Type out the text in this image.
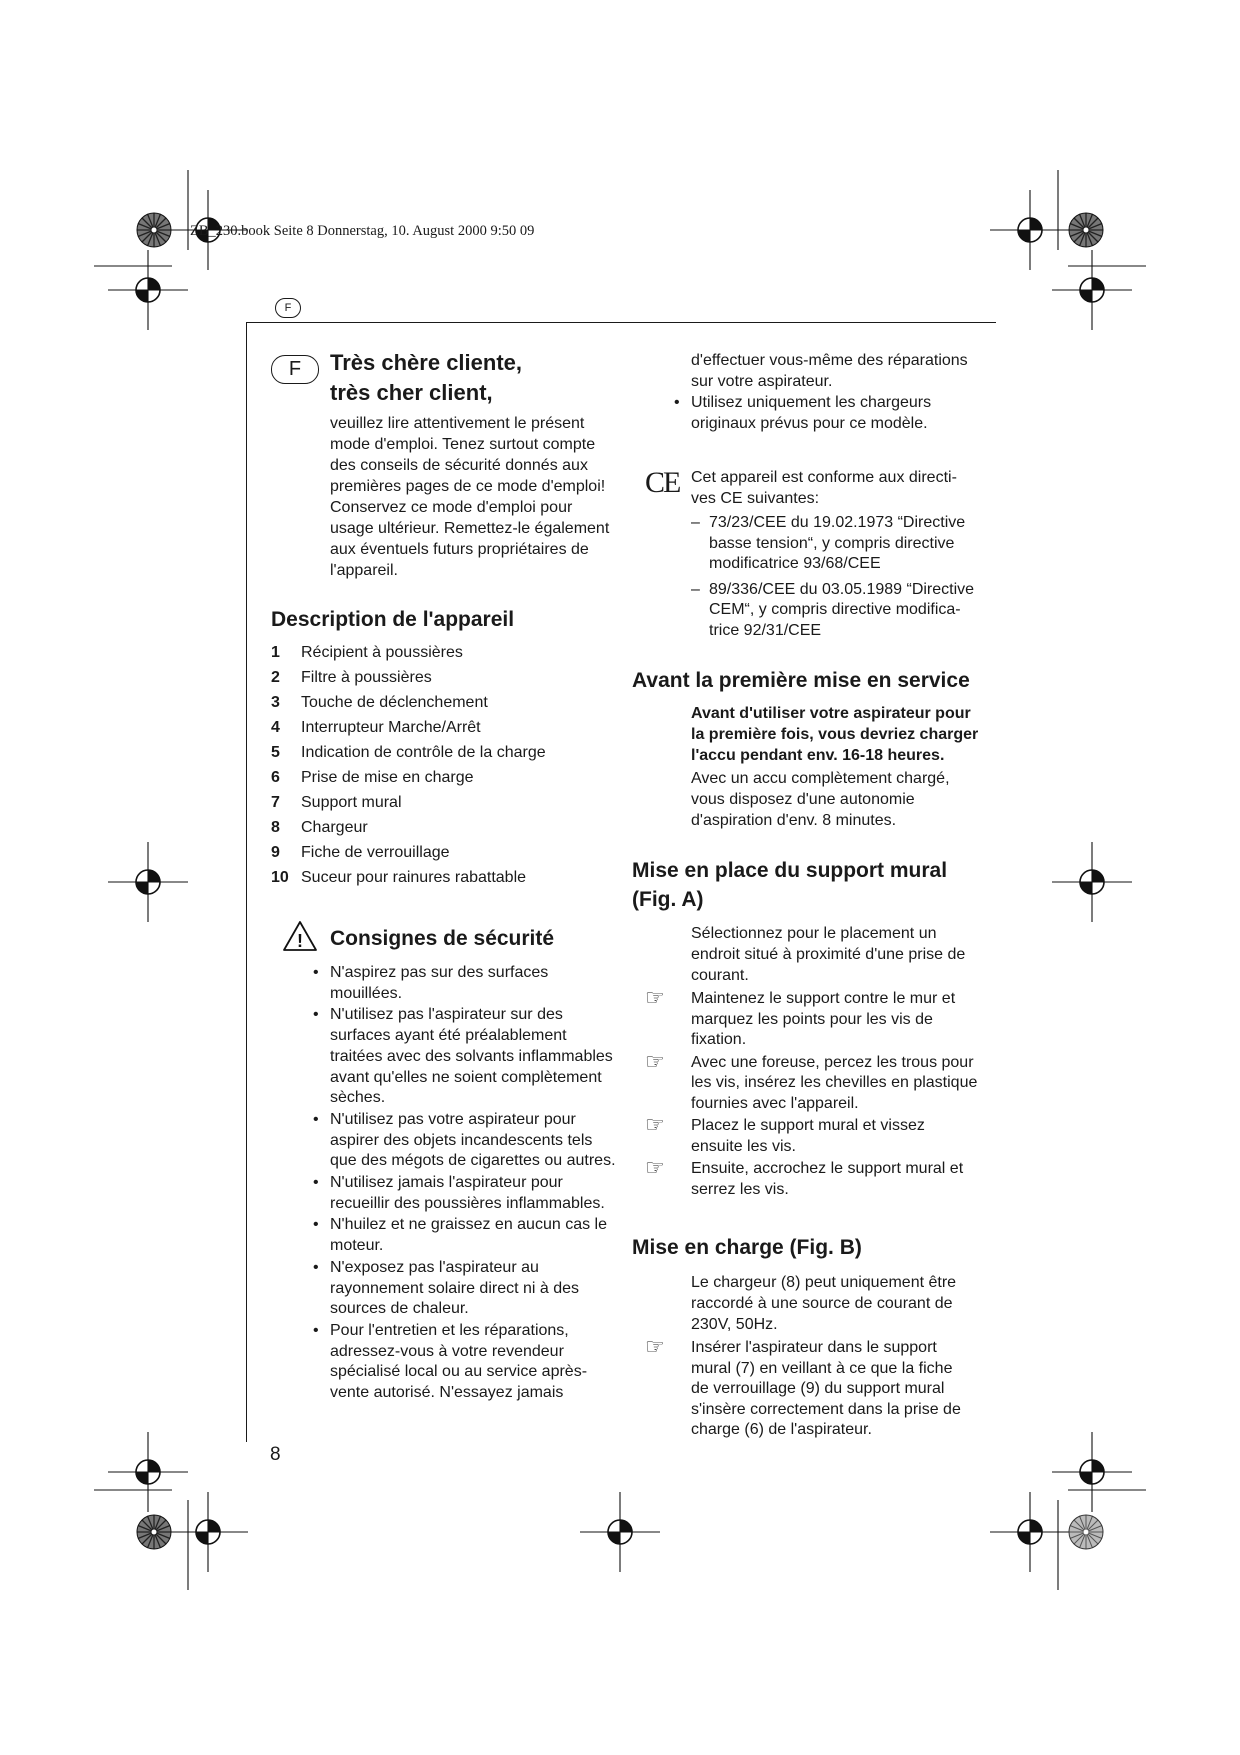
ZB_230.book Seite 8 Donnerstag, 10. August 2000 9:50 09
F
F	Très chère cliente,
très cher client,

veuillez lire attentivement le présent

mode d'emploi. Tenez surtout compte

des conseils de sécurité donnés aux

premières pages de ce mode d'emploi!

Conservez ce mode d'emploi pour

usage ultérieur. Remettez-le également

aux éventuels futurs propriétaires de

l'appareil.

Description de l'appareil
1	Récipient à poussières
2	Filtre à poussières
3	Touche de déclenchement
4	Interrupteur Marche/Arrêt
5	Indication de contrôle de la charge
6	Prise de mise en charge
7	Support mural
8	Chargeur
9	Fiche de verrouillage
10 Suceur pour rainures rabattable
! Consignes de sécurité
• N'aspirez pas sur des surfaces
mouillées.
• N'utilisez pas l'aspirateur sur des
surfaces ayant été préalablement
traitées avec des solvants inflammables
avant qu'elles ne soient complètement
sèches.
• N'utilisez pas votre aspirateur pour
aspirer des objets incandescents tels
que des mégots de cigarettes ou autres.
• N'utilisez jamais l'aspirateur pour
recueillir des poussières inflammables.
• N'huilez et ne graissez en aucun cas le
moteur.
• N'exposez pas l'aspirateur au
rayonnement solaire direct ni à des
sources de chaleur.
• Pour l'entretien et les réparations,
adressez-vous à votre revendeur
spécialisé local ou au service après-
vente autorisé. N'essayez jamais
8

d'effectuer vous-même des réparations

sur votre aspirateur.

• Utilisez uniquement les chargeurs
originaux prévus pour ce modèle.
CE Cet appareil est conforme aux directi-

ves CE suivantes:

– 73/23/CEE du 19.02.1973 “Directive
basse tension“, y compris directive
modificatrice 93/68/CEE
– 89/336/CEE du 03.05.1989 “Directive
CEM“, y compris directive modifica-
trice 92/31/CEE
Avant la première mise en service

Avant d'utiliser votre aspirateur pour

la première fois, vous devriez charger

l'accu pendant env. 16-18 heures.

Avec un accu complètement chargé,

vous disposez d'une autonomie

d'aspiration d'env. 8 minutes.

Mise en place du support mural
(Fig. A)

Sélectionnez pour le placement un

endroit situé à proximité d'une prise de

courant.

☞ Maintenez le support contre le mur et
marquez les points pour les vis de
fixation.
☞ Avec une foreuse, percez les trous pour
les vis, insérez les chevilles en plastique
fournies avec l'appareil.
☞ Placez le support mural et vissez
ensuite les vis.
☞ Ensuite, accrochez le support mural et
serrez les vis.
Mise en charge (Fig. B)

Le chargeur (8) peut uniquement être

raccordé à une source de courant de

230V, 50Hz.

☞ Insérer l'aspirateur dans le support
mural (7) en veillant à ce que la fiche
de verrouillage (9) du support mural
s'insère correctement dans la prise de
charge (6) de l'aspirateur.
